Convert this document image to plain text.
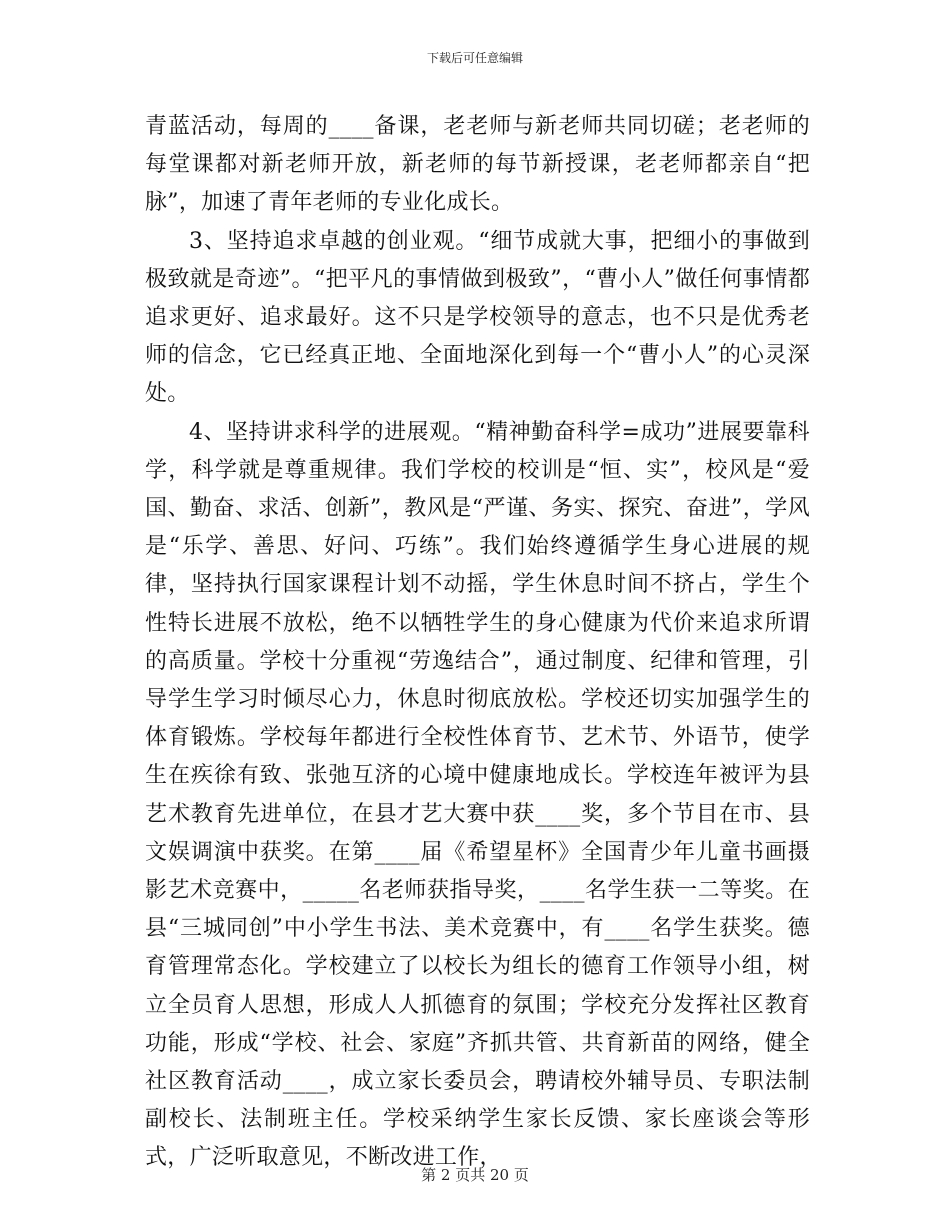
下载后可任意编辑

青蓝活动，每周的____备课，老老师与新老师共同切磋；老老师的每堂课都对新老师开放，新老师的每节新授课，老老师都亲自“把脉”，加速了青年老师的专业化成长。

3、坚持追求卓越的创业观。“细节成就大事，把细小的事做到极致就是奇迹”。“把平凡的事情做到极致”，“曹小人”做任何事情都追求更好、追求最好。这不只是学校领导的意志，也不只是优秀老师的信念，它已经真正地、全面地深化到每一个“曹小人”的心灵深处。

4、坚持讲求科学的进展观。“精神勤奋科学=成功”进展要靠科学，科学就是尊重规律。我们学校的校训是“恒、实”，校风是“爱国、勤奋、求活、创新”，教风是“严谨、务实、探究、奋进”，学风是“乐学、善思、好问、巧练”。我们始终遵循学生身心进展的规律，坚持执行国家课程计划不动摇，学生休息时间不挤占，学生个性特长进展不放松，绝不以牺牲学生的身心健康为代价来追求所谓的高质量。学校十分重视“劳逸结合”，通过制度、纪律和管理，引导学生学习时倾尽心力，休息时彻底放松。学校还切实加强学生的体育锻炼。学校每年都进行全校性体育节、艺术节、外语节，使学生在疾徐有致、张弛互济的心境中健康地成长。学校连年被评为县艺术教育先进单位，在县才艺大赛中获____奖，多个节目在市、县文娱调演中获奖。在第____届《希望星杯》全国青少年儿童书画摄影艺术竞赛中，_____名老师获指导奖，____名学生获一二等奖。在县“三城同创”中小学生书法、美术竞赛中，有____名学生获奖。德育管理常态化。学校建立了以校长为组长的德育工作领导小组，树立全员育人思想，形成人人抓德育的氛围；学校充分发挥社区教育功能，形成“学校、社会、家庭”齐抓共管、共育新苗的网络，健全社区教育活动____，成立家长委员会，聘请校外辅导员、专职法制副校长、法制班主任。学校采纳学生家长反馈、家长座谈会等形式，广泛听取意见，不断改进工作，

第 2 页共 20 页
